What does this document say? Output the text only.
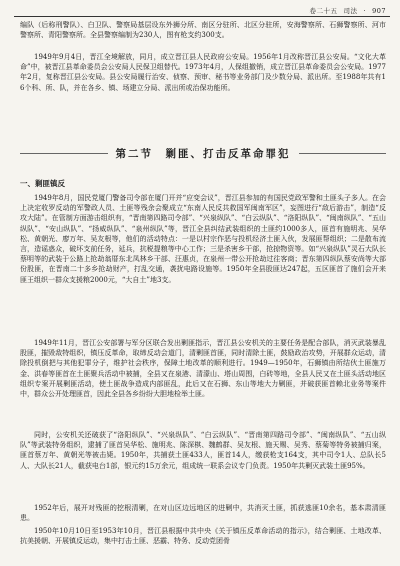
卷二十五 司法 · 907

编队（后称刑警队）、白卫队、警察局基层设东外狮分所、南区分驻所、北区分驻所，安海警察所、石狮警察所、河市警察所、青阳警察所。全县警察编制为230人，图有枪支约300支。

1949年9月4日，晋江全境解放，同月，成立晋江县人民政府公安局。1956年1月改称晋江县公安局。“文化大革命”中，被晋江县革命委员会公安局人民保卫组替代。1973年4月，人保组撤销，成立晋江县革命委员会公安局。1977年2月，复称晋江县公安局。县公安局履行治安、侦察、预审、秘书等业务部门及少数分局、派出所。至1988年共有16个科、所、队，并在各乡、镇、场建立分局、派出所或治保功能所。

第二节　剿匪、打击反革命罪犯
一、剿匪镇反

1949年8月，国民党厦门警备司令部在厦门开并“应变会议”，晋江县参加的有国民党政军警和土匪头子多人。在会上决定收罗反动的军警政人员、土匪等残余会聚成立“东南人民反共救国军闽南军区”，妄图进行“敌后游击”，制造“反攻大陆”。在管制方面游击组织有，“晋南第四路司令部”、“兴泉纵队”、“白云纵队”、“洛阳纵队”、“闽南纵队”、“五山纵队”、“安山纵队”、“扬威纵队”、“泉州纵队”等，晋江全县纠结武装组织的土匪约1000多人，匪首有施明兆、吴华松、黄朝光、廖万年、吴友根等，他们的活动特点：一是以村宗作恶与投机经济土匪入伙，发展匪帮组织；二是散布流言，造谣惑众，破坏支前任务，延兵，抗税提粮等中心工作；三是杀害乡干部，抢掠物资等。如“兴泉纵队”灵石大队长蔡明等的武装于公路上抢劫翁厝东北凤林乡干部、汪惠贞，在泉州一带公开抢劫过往客商；晋东第四纵队蔡安尚等大部份股匪，在晋南二十多乡抢劫财产，打乱交通，袭扰电路设施等。1950年全县股匪达247起，五区匪首了施们会开来匪王组织一群众支援粮2000元，“大自土”地3支。

1949年11月，晋江公安部署与军分区联合发出剿匪指示，晋江县公安机关的主要任务是配合部队，消灭武装暴乱股匪，摧毁敌特组织，镇压反革命，取缔反动会道门，清剿匪首匪，同时清除土匪，鼓励政治攻势，开展群众运动，清除投机倒把与其他犯罪分子，维护社会秩序，保障土地改革的顺利进行。1949—1950年，石狮镇由所结伙土匪施万金、洪春等匪首在土匪聚兵活动中被捕，全县又在泉港、清濛山、塔山周围，白砖等地，全县人民又在土匪头活动地区组织专案开展剿匪活动，使土匪战争造成内部匪乱，此后又在石狮、东山等地大力剿匪，并破获匪首赖北业务等案件中，群众公开处理匪首，因此全县各乡纷纷大胆地检举土匪。

同时，公安机关还破获了“洛阳纵队”、“兴泉纵队”、“白云纵队”、“晋南第四路司令部”、“闽南纵队”、“五山纵队”等武装特务组织，逮捕了匪首吴华松、施明兆、陈深棋、魏鹤群、吴友根、施天赐、吴秀、蔡菊等特务被捕归案，匪首蔡万年、黄朝光等被击毙。1950年，共捕获土匪433人，匪首14人，缴获枪支164支，其中司令1人、总队长5人、大队长21人，截获电台1部，银元约15万余元，组成统一联系会议专门负责。1950年共剿灭武装土匪95%。

1952年后，展开对残匪的挖根清剿，在对山区边远地区的进剿中，共消灭土匪，抓获逃匪10余名，基本肃清匪患。

1950年10月10日至1953年10月，晋江县根据中共中央《关于镇压反革命活动的指示》，结合剿匪、土地改革、抗美援朝、开展镇反运动，集中打击土匪、恶霸、特务、反动党团骨
